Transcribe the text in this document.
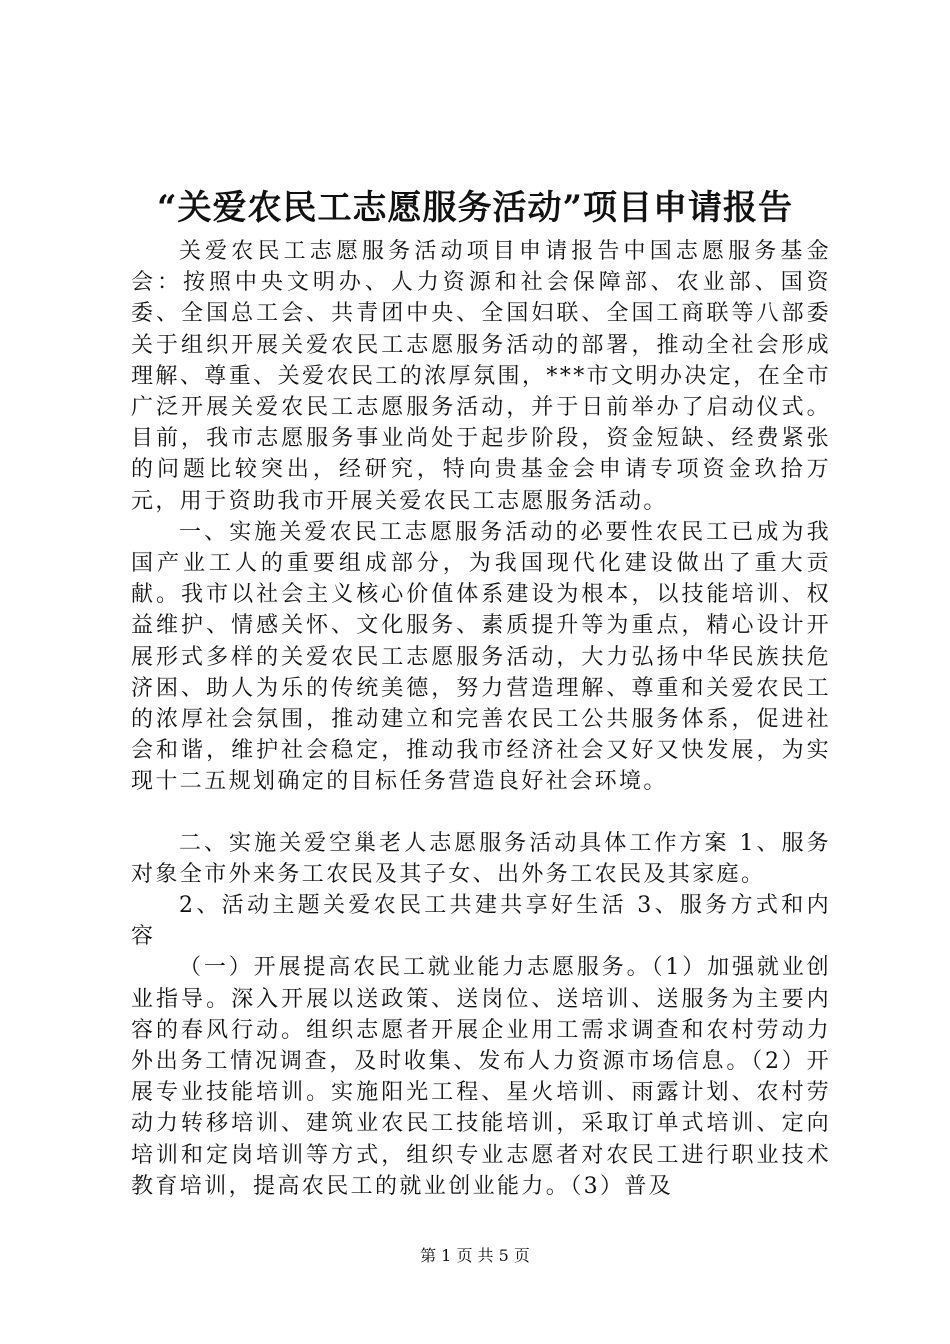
“关爱农民工志愿服务活动”项目申请报告

关爱农民工志愿服务活动项目申请报告中国志愿服务基金会：按照中央文明办、人力资源和社会保障部、农业部、国资委、全国总工会、共青团中央、全国妇联、全国工商联等八部委关于组织开展关爱农民工志愿服务活动的部署，推动全社会形成理解、尊重、关爱农民工的浓厚氛围，***市文明办决定，在全市广泛开展关爱农民工志愿服务活动，并于日前举办了启动仪式。目前，我市志愿服务事业尚处于起步阶段，资金短缺、经费紧张的问题比较突出，经研究，特向贵基金会申请专项资金玖拾万元，用于资助我市开展关爱农民工志愿服务活动。

一、实施关爱农民工志愿服务活动的必要性农民工已成为我国产业工人的重要组成部分，为我国现代化建设做出了重大贡献。我市以社会主义核心价值体系建设为根本，以技能培训、权益维护、情感关怀、文化服务、素质提升等为重点，精心设计开展形式多样的关爱农民工志愿服务活动，大力弘扬中华民族扶危济困、助人为乐的传统美德，努力营造理解、尊重和关爱农民工的浓厚社会氛围，推动建立和完善农民工公共服务体系，促进社会和谐，维护社会稳定，推动我市经济社会又好又快发展，为实现十二五规划确定的目标任务营造良好社会环境。

二、实施关爱空巢老人志愿服务活动具体工作方案 1、服务对象全市外来务工农民及其子女、出外务工农民及其家庭。

2、活动主题关爱农民工共建共享好生活 3、服务方式和内容

（一）开展提高农民工就业能力志愿服务。（1）加强就业创业指导。深入开展以送政策、送岗位、送培训、送服务为主要内容的春风行动。组织志愿者开展企业用工需求调查和农村劳动力外出务工情况调查，及时收集、发布人力资源市场信息。（2）开展专业技能培训。实施阳光工程、星火培训、雨露计划、农村劳动力转移培训、建筑业农民工技能培训，采取订单式培训、定向培训和定岗培训等方式，组织专业志愿者对农民工进行职业技术教育培训，提高农民工的就业创业能力。（3）普及

第 1 页 共 5 页
